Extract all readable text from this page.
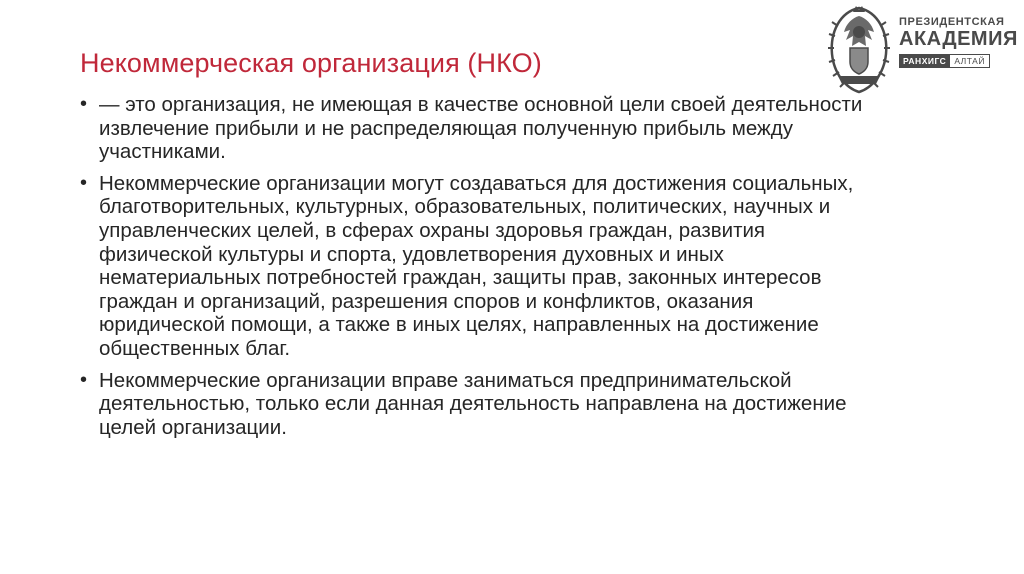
Некоммерческая организация (НКО)
• — это организация, не имеющая в качестве основной цели своей деятельности извлечение прибыли и не распределяющая полученную прибыль между участниками.
• Некоммерческие организации могут создаваться для достижения социальных, благотворительных, культурных, образовательных, политических, научных и управленческих целей, в сферах охраны здоровья граждан, развития физической культуры и спорта, удовлетворения духовных и иных нематериальных потребностей граждан, защиты прав, законных интересов граждан и организаций, разрешения споров и конфликтов, оказания юридической помощи, а также в иных целях, направленных на достижение общественных благ.
• Некоммерческие организации вправе заниматься предпринимательской деятельностью, только если данная деятельность направлена на достижение целей организации.
ПРЕЗИДЕНТСКАЯ
АКАДЕМИЯ
РАНХИГС АЛТАЙ
